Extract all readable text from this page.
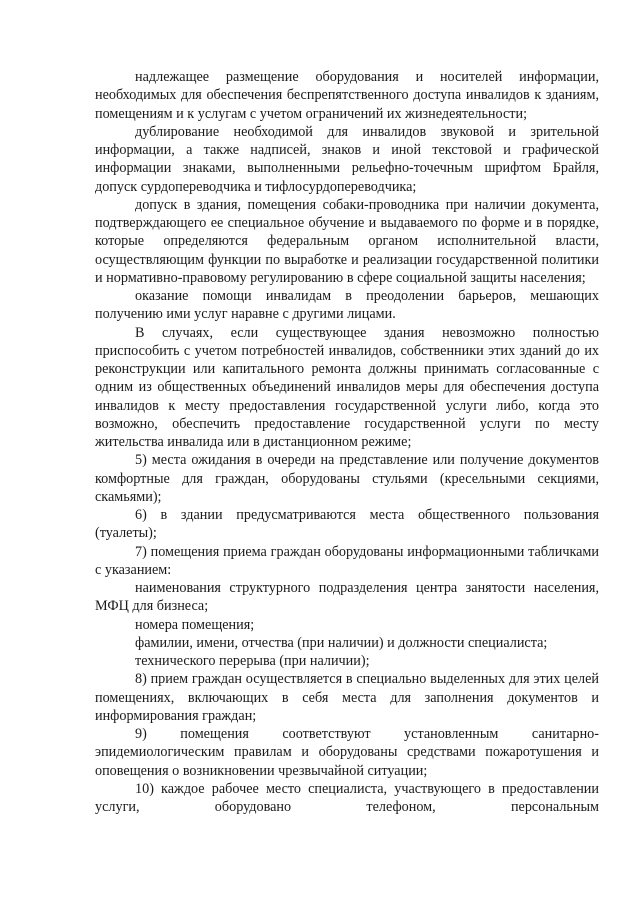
надлежащее размещение оборудования и носителей информации, необходимых для обеспечения беспрепятственного доступа инвалидов к зданиям, помещениям и к услугам с учетом ограничений их жизнедеятельности;

дублирование необходимой для инвалидов звуковой и зрительной информации, а также надписей, знаков и иной текстовой и графической информации знаками, выполненными рельефно-точечным шрифтом Брайля, допуск сурдопереводчика и тифлосурдопереводчика;

допуск в здания, помещения собаки-проводника при наличии документа, подтверждающего ее специальное обучение и выдаваемого по форме и в порядке, которые определяются федеральным органом исполнительной власти, осуществляющим функции по выработке и реализации государственной политики и нормативно-правовому регулированию в сфере социальной защиты населения;

оказание помощи инвалидам в преодолении барьеров, мешающих получению ими услуг наравне с другими лицами.

В случаях, если существующее здания невозможно полностью приспособить с учетом потребностей инвалидов, собственники этих зданий до их реконструкции или капитального ремонта должны принимать согласованные с одним из общественных объединений инвалидов меры для обеспечения доступа инвалидов к месту предоставления государственной услуги либо, когда это возможно, обеспечить предоставление государственной услуги по месту жительства инвалида или в дистанционном режиме;

5) места ожидания в очереди на представление или получение документов комфортные для граждан, оборудованы стульями (кресельными секциями, скамьями);

6) в здании предусматриваются места общественного пользования (туалеты);

7) помещения приема граждан оборудованы информационными табличками с указанием:

наименования структурного подразделения центра занятости населения, МФЦ для бизнеса;

номера помещения;

фамилии, имени, отчества (при наличии) и должности специалиста;

технического перерыва (при наличии);

8) прием граждан осуществляется в специально выделенных для этих целей помещениях, включающих в себя места для заполнения документов и информирования граждан;

9) помещения соответствуют установленным санитарно-эпидемиологическим правилам и оборудованы средствами пожаротушения и оповещения о возникновении чрезвычайной ситуации;

10) каждое рабочее место специалиста, участвующего в предоставлении услуги, оборудовано телефоном, персональным
